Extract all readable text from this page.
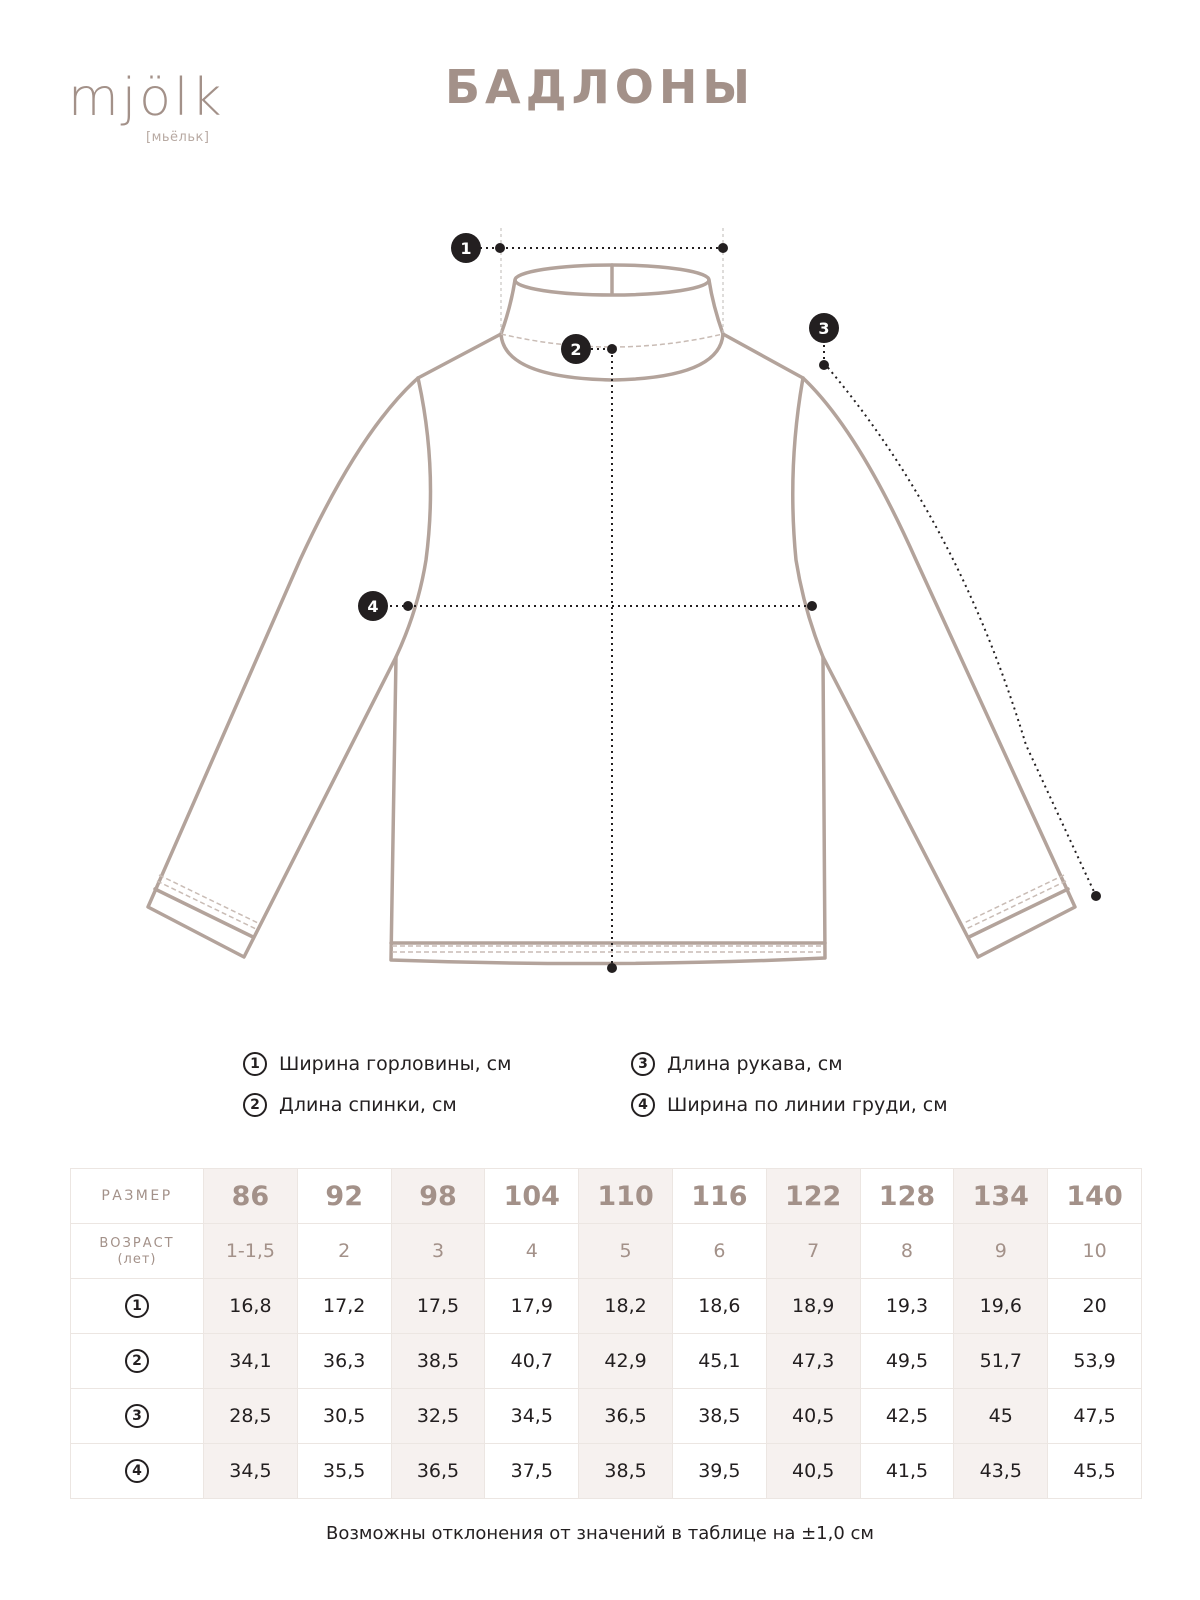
mjölk
[мьёльк]
БАДЛОНЫ
1
2
3
4
1	Ширина горловины, см
2	Длина спинки, см
3	Длина рукава, см
4	Ширина по линии груди, см
РАЗМЕР	86	92	98	104	110	116	122	128	134	140
ВОЗРАСТ
(лет)	1-1,5	2	3	4	5	6	7	8	9	10
1	16,8	17,2	17,5	17,9	18,2	18,6	18,9	19,3	19,6	20
2	34,1	36,3	38,5	40,7	42,9	45,1	47,3	49,5	51,7	53,9
3	28,5	30,5	32,5	34,5	36,5	38,5	40,5	42,5	45	47,5
4	34,5	35,5	36,5	37,5	38,5	39,5	40,5	41,5	43,5	45,5
Возможны отклонения от значений в таблице на ±1,0 см
